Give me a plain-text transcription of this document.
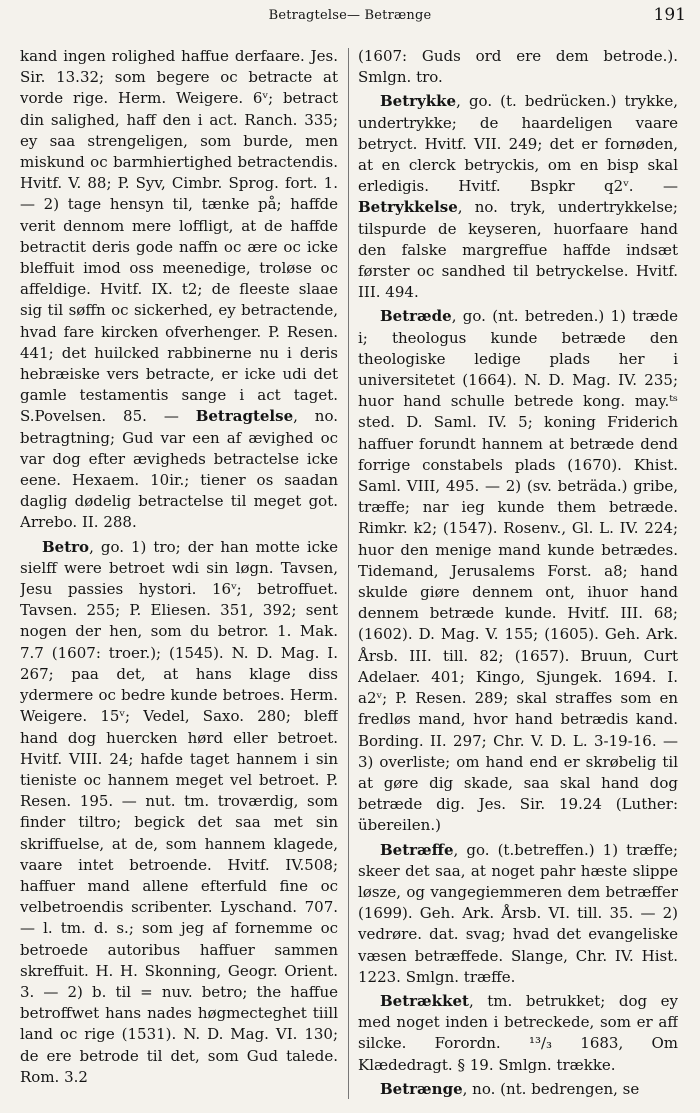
Betragtelse— Betrænge	191

kand ingen rolighed haffue derfaare. Jes. Sir. 13.32; som begere oc betracte at vorde rige. Herm. Weigere. 6ᵛ; betract din salighed, haff den i act. Ranch. 335; ey saa strengeligen, som burde, men miskund oc barmhiertighed betractendis. Hvitf. V. 88; P. Syv, Cimbr. Sprog. fort. 1. — 2) tage hensyn til, tænke på; haffde verit dennom mere loffligt, at de haffde betractit deris gode naffn oc ære oc icke bleffuit imod oss meenedige, troløse oc affeldige. Hvitf. IX. t2; de fleeste slaae sig til søffn oc sickerhed, ey betractende, hvad fare kircken ofverhenger. P. Resen. 441; det huilcked rabbinerne nu i deris hebræiske vers betracte, er icke udi det gamle testamentis sange i act taget. S.Povelsen. 85. — Betragtelse, no. betragtning; Gud var een af ævighed oc var dog efter ævigheds betractelse icke eene. Hexaem. 10ir.; tiener os saadan daglig dødelig betractelse til meget got. Arrebo. II. 288.

Betro, go. 1) tro; der han motte icke sielff were betroet wdi sin løgn. Tavsen, Jesu passies hystori. 16ᵛ; betroffuet. Tavsen. 255; P. Eliesen. 351, 392; sent nogen der hen, som du betror. 1. Mak. 7.7 (1607: troer.); (1545). N. D. Mag. I. 267; paa det, at hans klage diss ydermere oc bedre kunde betroes. Herm. Weigere. 15ᵛ; Vedel, Saxo. 280; bleff hand dog huercken hørd eller betroet. Hvitf. VIII. 24; hafde taget hannem i sin tieniste oc hannem meget vel betroet. P. Resen. 195. — nut. tm. troværdig, som finder tiltro; begick det saa met sin skriffuelse, at de, som hannem klagede, vaare intet betroende. Hvitf. IV.508; haffuer mand allene efterfuld fine oc velbetroendis scribenter. Lyschand. 707. — l. tm. d. s.; som jeg af fornemme oc betroede autoribus haffuer sammen skreffuit. H. H. Skonning, Geogr. Orient. 3. — 2) b. til = nuv. betro; the haffue betroffwet hans nades høgmecteghet tiill land oc rige (1531). N. D. Mag. VI. 130; de ere betrode til det, som Gud talede. Rom. 3.2

(1607: Guds ord ere dem betrode.). Smlgn. tro.

Betrykke, go. (t. bedrücken.) trykke, undertrykke; de haardeligen vaare betryct. Hvitf. VII. 249; det er fornøden, at en clerck betryckis, om en bisp skal erledigis. Hvitf. Bspkr q2ᵛ. — Betrykkelse, no. tryk, undertrykkelse; tilspurde de keyseren, huorfaare hand den falske margreffue haffde indsæt førster oc sandhed til betryckelse. Hvitf. III. 494.

Betræde, go. (nt. betreden.) 1) træde i; theologus kunde betræde den theologiske ledige plads her i universitetet (1664). N. D. Mag. IV. 235; huor hand schulle betrede kong. may.ᵗˢ sted. D. Saml. IV. 5; koning Friderich haffuer forundt hannem at betræde dend forrige constabels plads (1670). Khist. Saml. VIII, 495. — 2) (sv. beträda.) gribe, træffe; nar ieg kunde them betræde. Rimkr. k2; (1547). Rosenv., Gl. L. IV. 224; huor den menige mand kunde betrædes. Tidemand, Jerusalems Forst. a8; hand skulde giøre dennem ont, ihuor hand dennem betræde kunde. Hvitf. III. 68; (1602). D. Mag. V. 155; (1605). Geh. Ark. Årsb. III. till. 82; (1657). Bruun, Curt Adelaer. 401; Kingo, Sjungek. 1694. I. a2ᵛ; P. Resen. 289; skal straffes som en fredløs mand, hvor hand betrædis kand. Bording. II. 297; Chr. V. D. L. 3-19-16. — 3) overliste; om hand end er skrøbelig til at gøre dig skade, saa skal hand dog betræde dig. Jes. Sir. 19.24 (Luther: übereilen.)

Betræffe, go. (t.betreffen.) 1) træffe; skeer det saa, at noget pahr hæste slippe løsze, og vangegiemmeren dem betræffer (1699). Geh. Ark. Årsb. VI. till. 35. — 2) vedrøre. dat. svag; hvad det evangeliske væsen betræffede. Slange, Chr. IV. Hist. 1223. Smlgn. træffe.

Betrækket, tm. betrukket; dog ey med noget inden i betreckede, som er aff silcke. Forordn. ¹³/₃ 1683, Om Klædedragt. § 19. Smlgn. trække.

Betrænge, no. (nt. bedrengen, se
